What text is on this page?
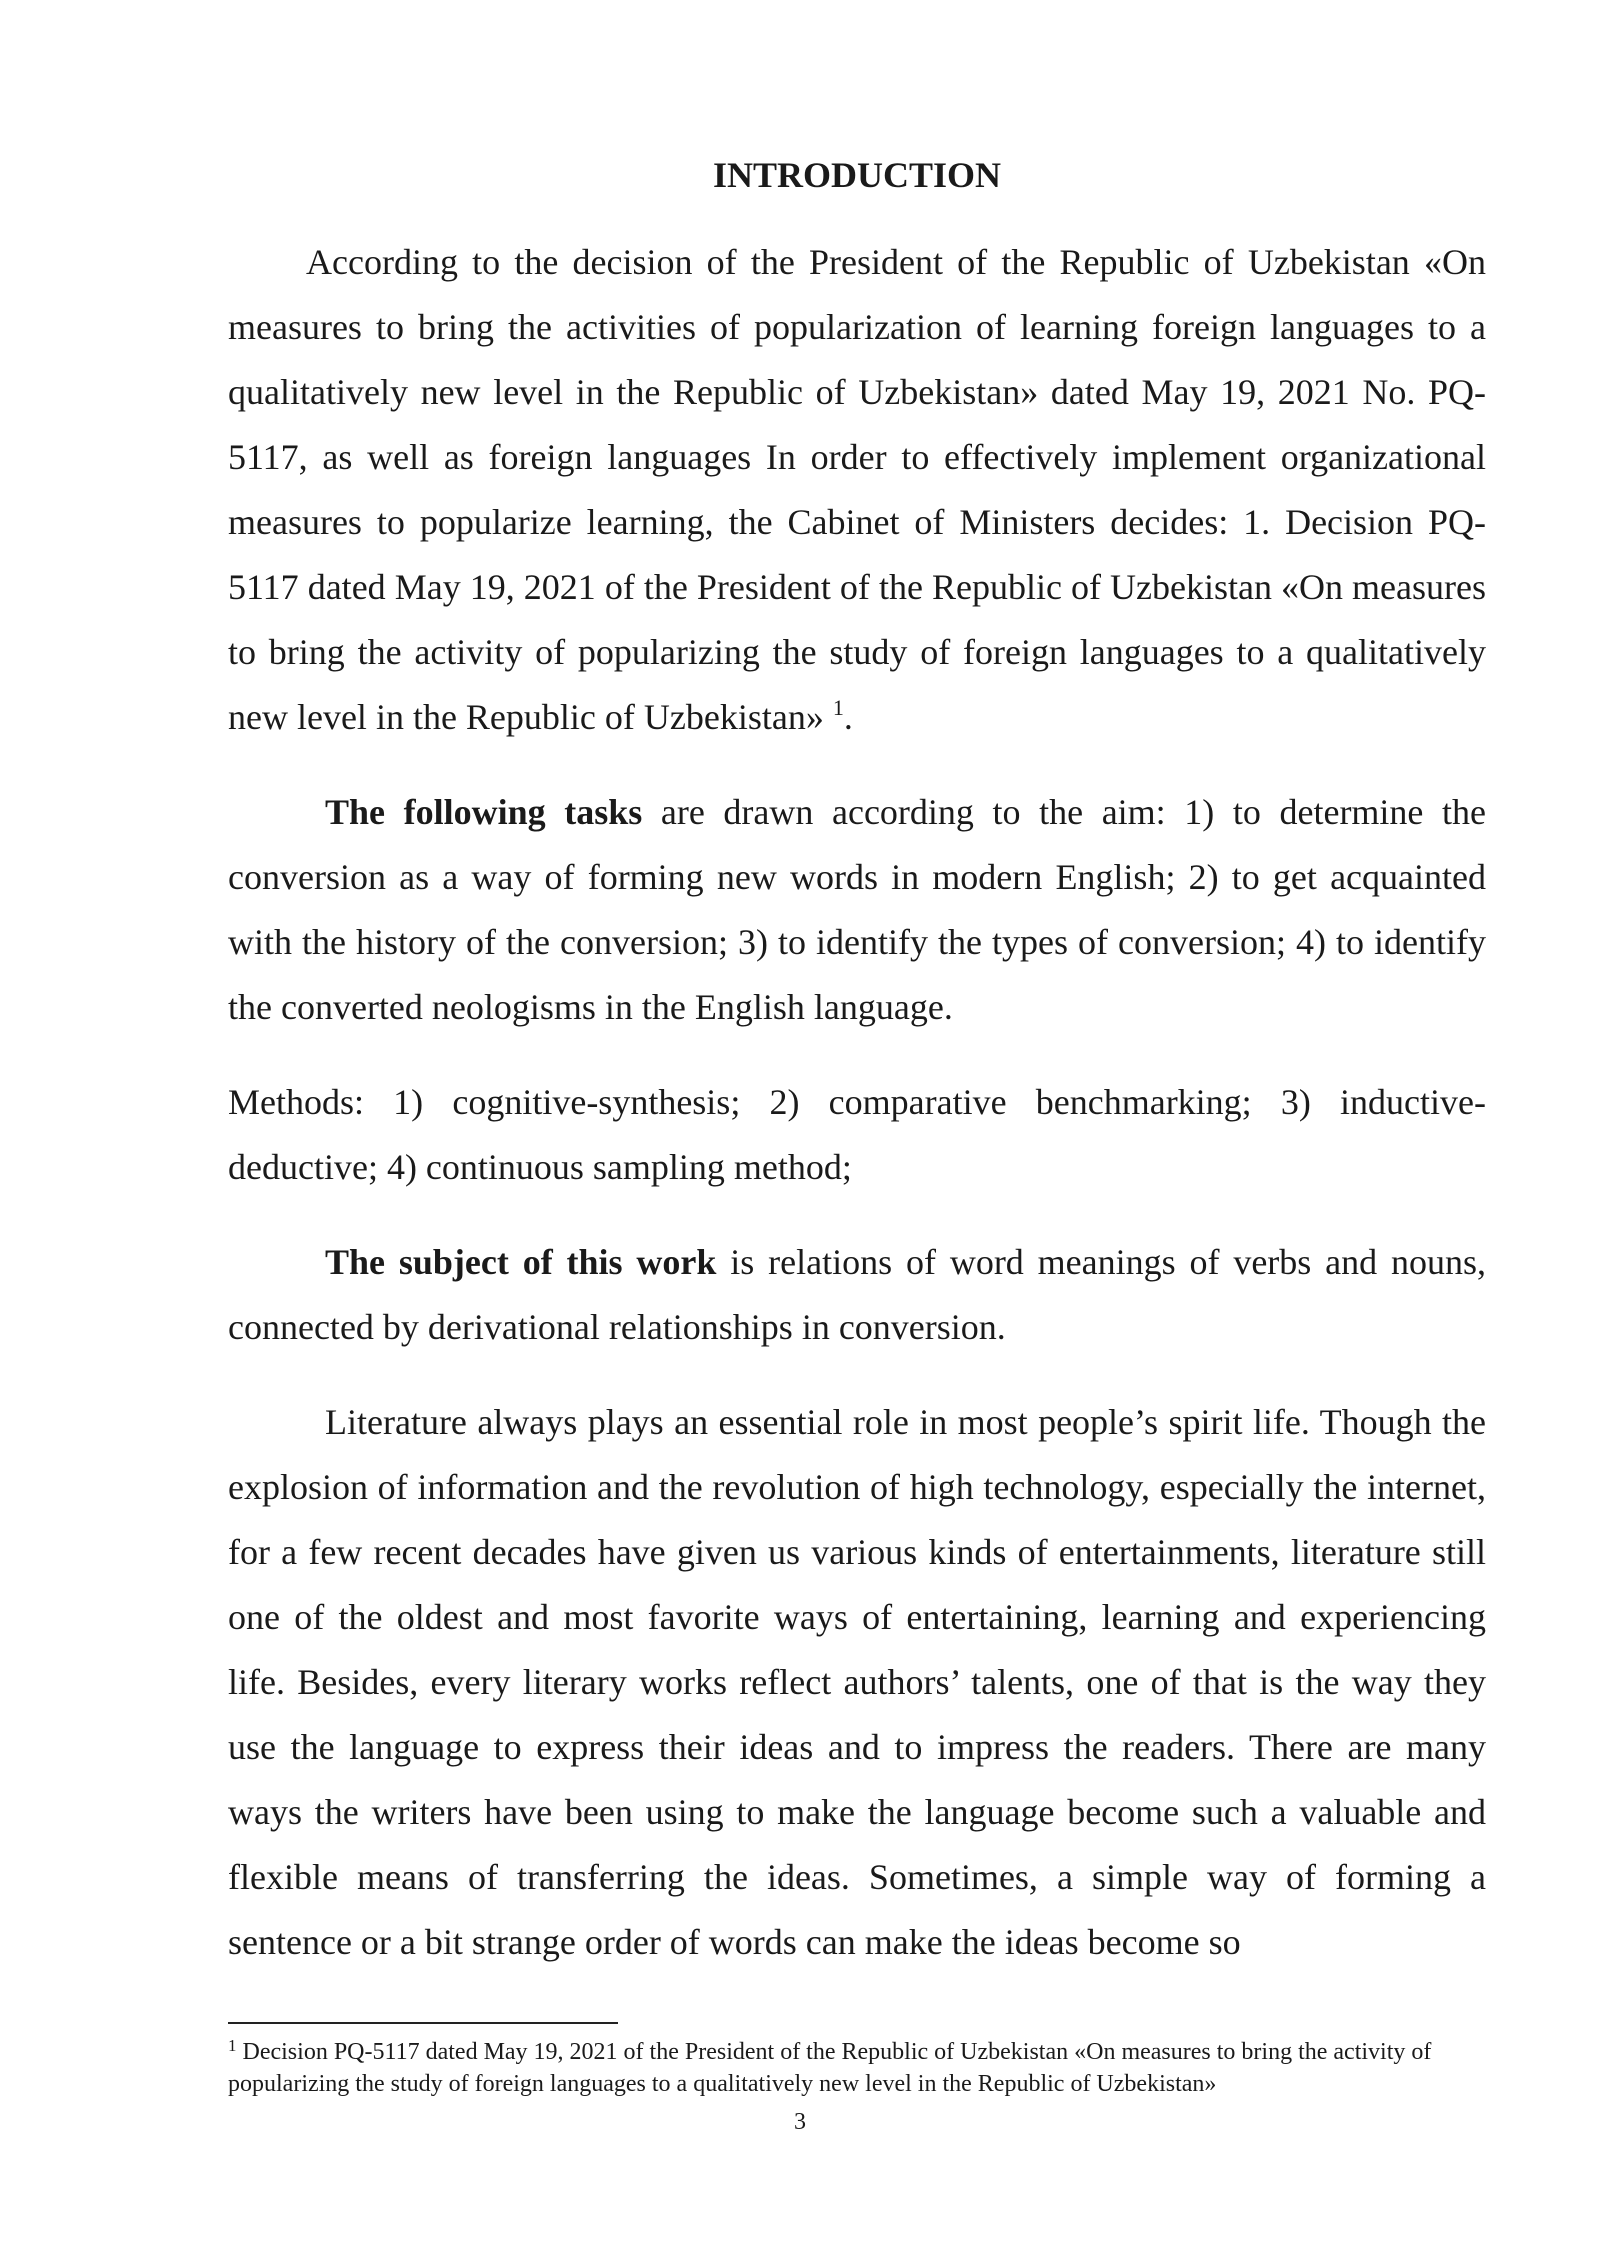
INTRODUCTION

According to the decision of the President of the Republic of Uzbekistan «On measures to bring the activities of popularization of learning foreign languages to a qualitatively new level in the Republic of Uzbekistan» dated May 19, 2021 No. PQ-5117, as well as foreign languages In order to effectively implement organizational measures to popularize learning, the Cabinet of Ministers decides: 1. Decision PQ-5117 dated May 19, 2021 of the President of the Republic of Uzbekistan «On measures to bring the activity of popularizing the study of foreign languages to a qualitatively new level in the Republic of Uzbekistan» $^1$.

The following tasks are drawn according to the aim: 1) to determine the conversion as a way of forming new words in modern English; 2) to get acquainted with the history of the conversion; 3) to identify the types of conversion; 4) to identify the converted neologisms in the English language.

Methods: 1) cognitive-synthesis; 2) comparative benchmarking; 3) inductive-deductive; 4) continuous sampling method;

The subject of this work is relations of word meanings of verbs and nouns, connected by derivational relationships in conversion.

Literature always plays an essential role in most people’s spirit life. Though the explosion of information and the revolution of high technology, especially the internet, for a few recent decades have given us various kinds of entertainments, literature still one of the oldest and most favorite ways of entertaining, learning and experiencing life. Besides, every literary works reflect authors’ talents, one of that is the way they use the language to express their ideas and to impress the readers. There are many ways the writers have been using to make the language become such a valuable and flexible means of transferring the ideas. Sometimes, a simple way of forming a sentence or a bit strange order of words can make the ideas become so

$^1$ Decision PQ-5117 dated May 19, 2021 of the President of the Republic of Uzbekistan «On measures to bring the activity of popularizing the study of foreign languages to a qualitatively new level in the Republic of Uzbekistan»
3
